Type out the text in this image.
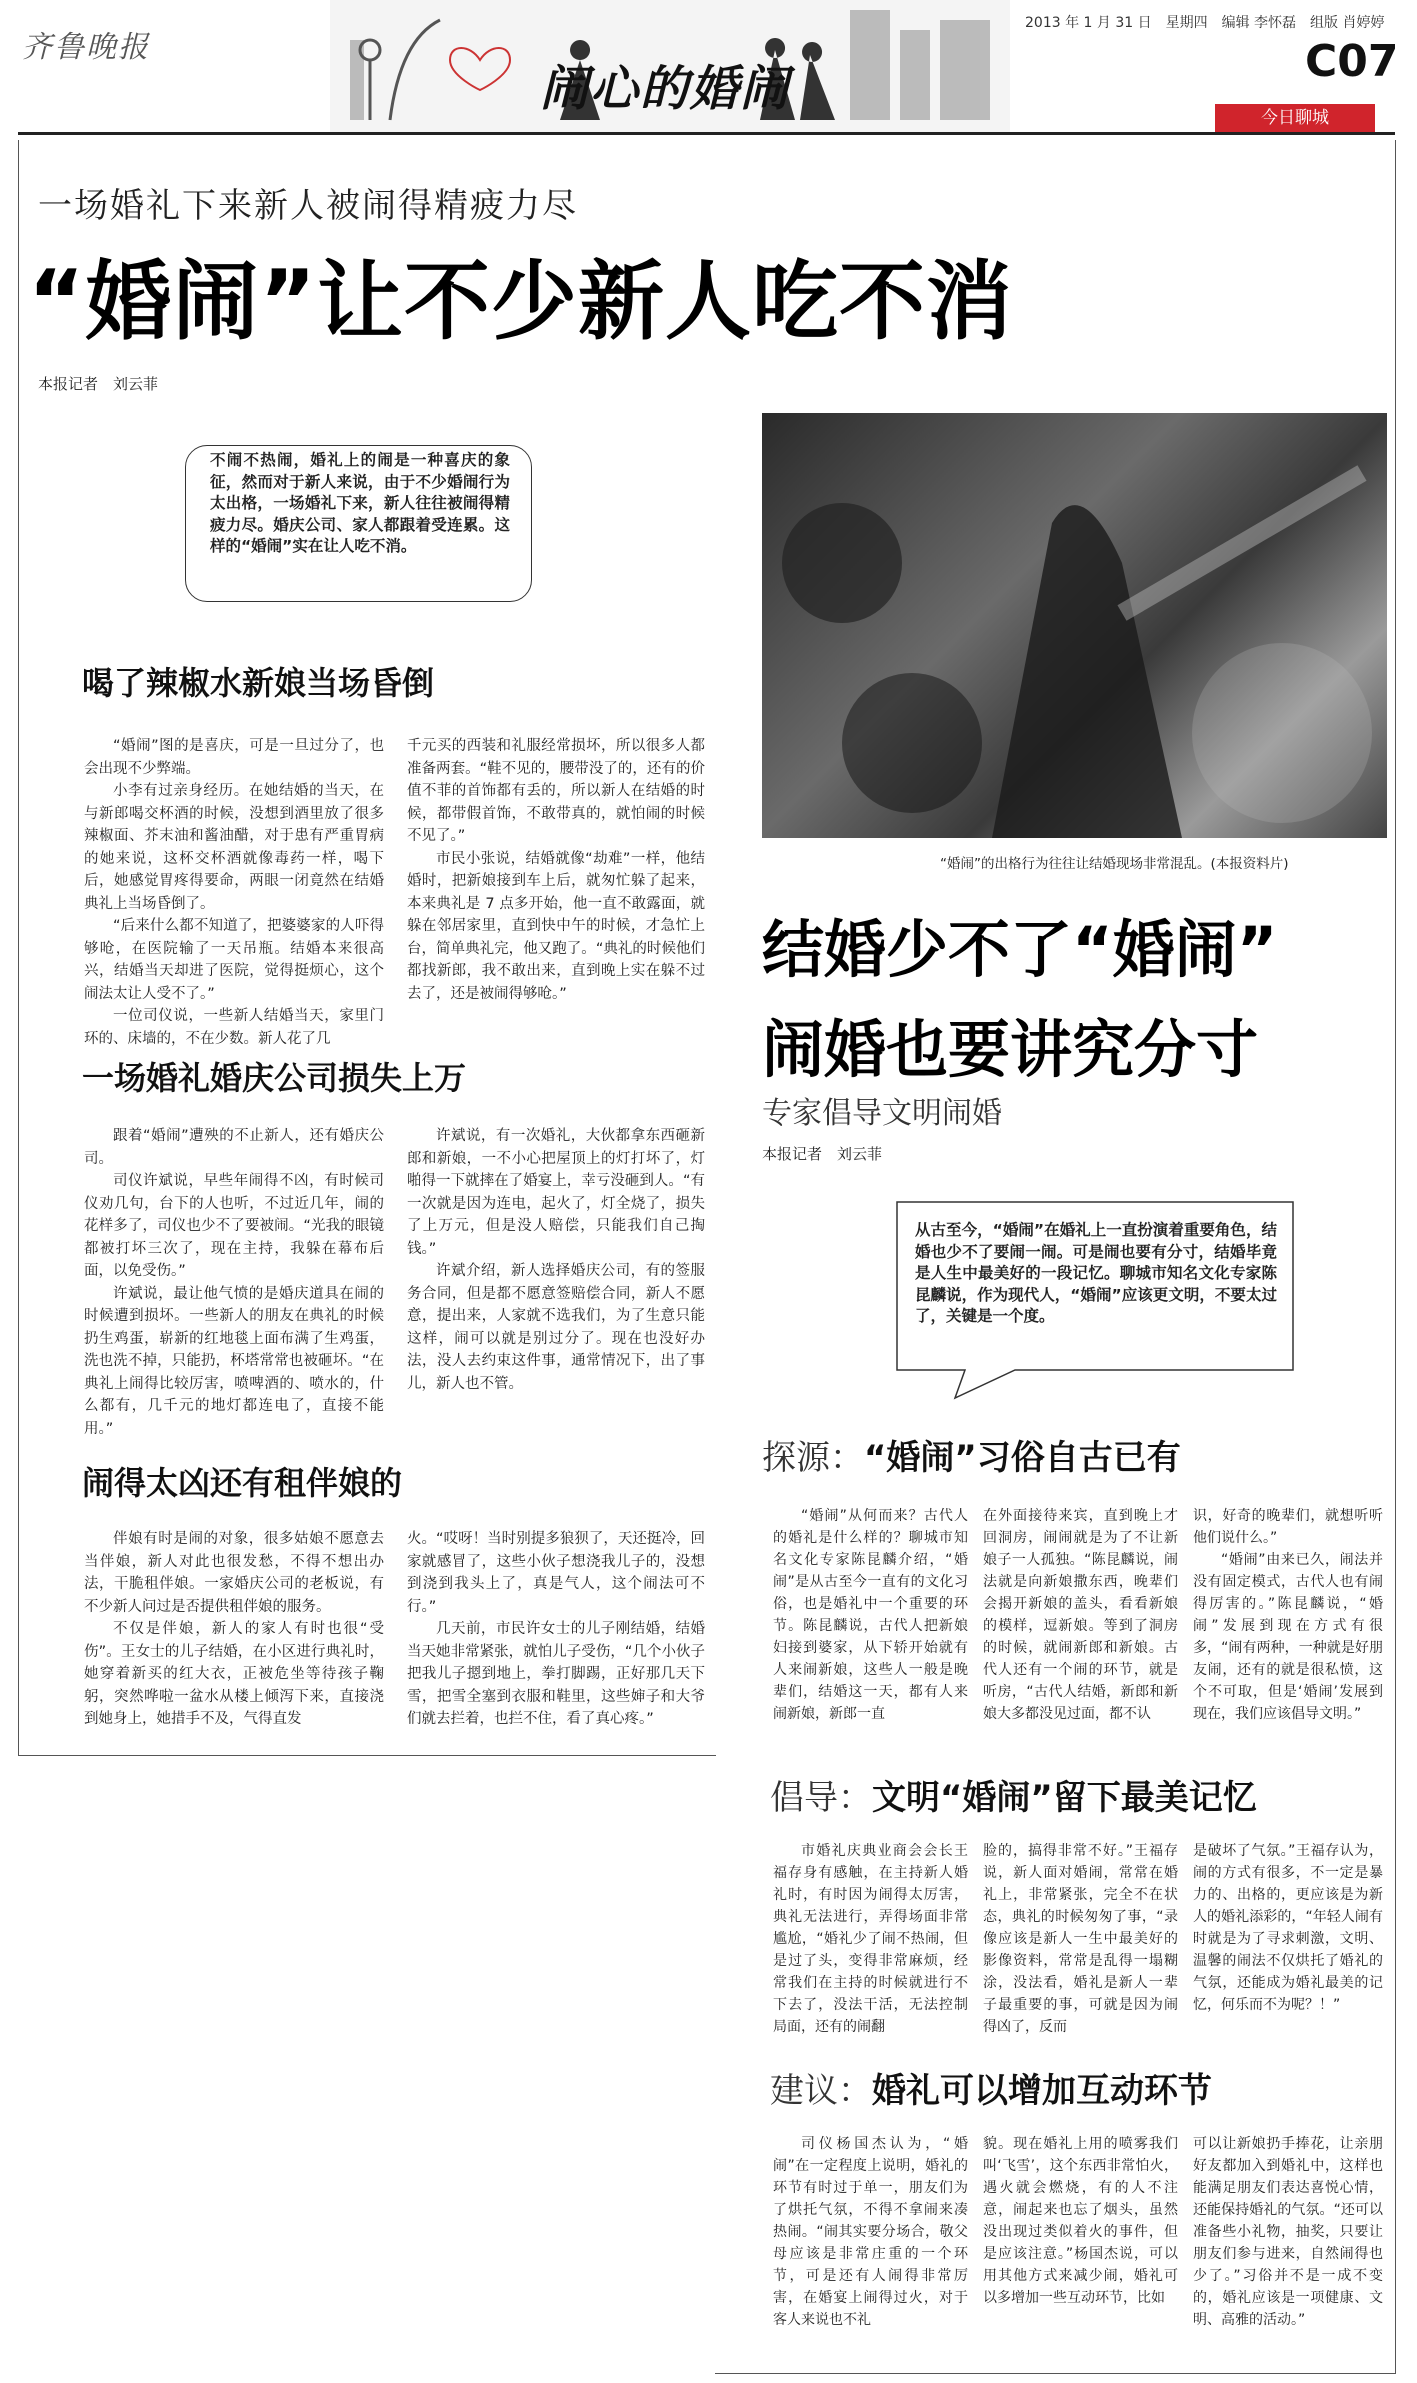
齐鲁晚报
闹心的婚闹
2013 年 1 月 31 日　星期四　编辑 李怀磊　组版 肖婷婷
C07
今日聊城
一场婚礼下来新人被闹得精疲力尽
“婚闹”让不少新人吃不消
本报记者　刘云菲
不闹不热闹，婚礼上的闹是一种喜庆的象征，然而对于新人来说，由于不少婚闹行为太出格，一场婚礼下来，新人往往被闹得精疲力尽。婚庆公司、家人都跟着受连累。这样的“婚闹”实在让人吃不消。
喝了辣椒水新娘当场昏倒

“婚闹”图的是喜庆，可是一旦过分了，也会出现不少弊端。

小李有过亲身经历。在她结婚的当天，在与新郎喝交杯酒的时候，没想到酒里放了很多辣椒面、芥末油和酱油醋，对于患有严重胃病的她来说，这杯交杯酒就像毒药一样，喝下后，她感觉胃疼得要命，两眼一闭竟然在结婚典礼上当场昏倒了。

“后来什么都不知道了，把婆婆家的人吓得够呛，在医院输了一天吊瓶。结婚本来很高兴，结婚当天却进了医院，觉得挺烦心，这个闹法太让人受不了。”

一位司仪说，一些新人结婚当天，家里门环的、床墙的，不在少数。新人花了几

千元买的西装和礼服经常损坏，所以很多人都准备两套。“鞋不见的，腰带没了的，还有的价值不菲的首饰都有丢的，所以新人在结婚的时候，都带假首饰，不敢带真的，就怕闹的时候不见了。”

市民小张说，结婚就像“劫难”一样，他结婚时，把新娘接到车上后，就匆忙躲了起来，本来典礼是 7 点多开始，他一直不敢露面，就躲在邻居家里，直到快中午的时候，才急忙上台，简单典礼完，他又跑了。“典礼的时候他们都找新郎，我不敢出来，直到晚上实在躲不过去了，还是被闹得够呛。”

一场婚礼婚庆公司损失上万

跟着“婚闹”遭殃的不止新人，还有婚庆公司。

司仪许斌说，早些年闹得不凶，有时候司仪劝几句，台下的人也听，不过近几年，闹的花样多了，司仪也少不了要被闹。“光我的眼镜都被打坏三次了，现在主持，我躲在幕布后面，以免受伤。”

许斌说，最让他气愤的是婚庆道具在闹的时候遭到损坏。一些新人的朋友在典礼的时候扔生鸡蛋，崭新的红地毯上面布满了生鸡蛋，洗也洗不掉，只能扔，杯塔常常也被砸坏。“在典礼上闹得比较厉害，喷啤酒的、喷水的，什么都有，几千元的地灯都连电了，直接不能用。”

许斌说，有一次婚礼，大伙都拿东西砸新郎和新娘，一不小心把屋顶上的灯打坏了，灯啪得一下就摔在了婚宴上，幸亏没砸到人。“有一次就是因为连电，起火了，灯全烧了，损失了上万元，但是没人赔偿，只能我们自己掏钱。”

许斌介绍，新人选择婚庆公司，有的签服务合同，但是都不愿意签赔偿合同，新人不愿意，提出来，人家就不选我们，为了生意只能这样，闹可以就是别过分了。现在也没好办法，没人去约束这件事，通常情况下，出了事儿，新人也不管。

闹得太凶还有租伴娘的

伴娘有时是闹的对象，很多姑娘不愿意去当伴娘，新人对此也很发愁，不得不想出办法，干脆租伴娘。一家婚庆公司的老板说，有不少新人问过是否提供租伴娘的服务。

不仅是伴娘，新人的家人有时也很“受伤”。王女士的儿子结婚，在小区进行典礼时，她穿着新买的红大衣，正被危坐等待孩子鞠躬，突然哗啦一盆水从楼上倾泻下来，直接浇到她身上，她措手不及，气得直发

火。“哎呀！当时别提多狼狈了，天还挺冷，回家就感冒了，这些小伙子想浇我儿子的，没想到浇到我头上了，真是气人，这个闹法可不行。”

几天前，市民许女士的儿子刚结婚，结婚当天她非常紧张，就怕儿子受伤，“几个小伙子把我儿子摁到地上，拳打脚踢，正好那几天下雪，把雪全塞到衣服和鞋里，这些婶子和大爷们就去拦着，也拦不住，看了真心疼。”

“婚闹”的出格行为往往让结婚现场非常混乱。(本报资料片)
结婚少不了“婚闹”
闹婚也要讲究分寸
专家倡导文明闹婚
本报记者　刘云菲
从古至今，“婚闹”在婚礼上一直扮演着重要角色，结婚也少不了要闹一闹。可是闹也要有分寸，结婚毕竟是人生中最美好的一段记忆。聊城市知名文化专家陈昆麟说，作为现代人，“婚闹”应该更文明，不要太过了，关键是一个度。
探源：“婚闹”习俗自古已有

“婚闹”从何而来？古代人的婚礼是什么样的？聊城市知名文化专家陈昆麟介绍，“婚闹”是从古至今一直有的文化习俗，也是婚礼中一个重要的环节。陈昆麟说，古代人把新娘妇接到婆家，从下轿开始就有人来闹新娘，这些人一般是晚辈们，结婚这一天，都有人来闹新娘，新郎一直

在外面接待来宾，直到晚上才回洞房，闹闹就是为了不让新娘子一人孤独。“陈昆麟说，闹法就是向新娘撒东西，晚辈们会揭开新娘的盖头，看看新娘的模样，逗新娘。等到了洞房的时候，就闹新郎和新娘。古代人还有一个闹的环节，就是听房，“古代人结婚，新郎和新娘大多都没见过面，都不认

识，好奇的晚辈们，就想听听他们说什么。”

“婚闹”由来已久，闹法并没有固定模式，古代人也有闹得厉害的。”陈昆麟说，“婚闹”发展到现在方式有很多，“闹有两种，一种就是好朋友闹，还有的就是很私愤，这个不可取，但是‘婚闹’发展到现在，我们应该倡导文明。”

倡导：文明“婚闹”留下最美记忆

市婚礼庆典业商会会长王福存身有感触，在主持新人婚礼时，有时因为闹得太厉害，典礼无法进行，弄得场面非常尴尬，“婚礼少了闹不热闹，但是过了头，变得非常麻烦，经常我们在主持的时候就进行不下去了，没法干活，无法控制局面，还有的闹翻

脸的，搞得非常不好。”王福存说，新人面对婚闹，常常在婚礼上，非常紧张，完全不在状态，典礼的时候匆匆了事，“录像应该是新人一生中最美好的影像资料，常常是乱得一塌糊涂，没法看，婚礼是新人一辈子最重要的事，可就是因为闹得凶了，反而

是破坏了气氛。”王福存认为，闹的方式有很多，不一定是暴力的、出格的，更应该是为新人的婚礼添彩的，“年轻人闹有时就是为了寻求刺激，文明、温馨的闹法不仅烘托了婚礼的气氛，还能成为婚礼最美的记忆，何乐而不为呢？！”

建议：婚礼可以增加互动环节

司仪杨国杰认为，“婚闹”在一定程度上说明，婚礼的环节有时过于单一，朋友们为了烘托气氛，不得不拿闹来凑热闹。“闹其实要分场合，敬父母应该是非常庄重的一个环节，可是还有人闹得非常厉害，在婚宴上闹得过火，对于客人来说也不礼

貌。现在婚礼上用的喷雾我们叫‘飞雪’，这个东西非常怕火，遇火就会燃烧，有的人不注意，闹起来也忘了烟头，虽然没出现过类似着火的事件，但是应该注意。”杨国杰说，可以用其他方式来减少闹，婚礼可以多增加一些互动环节，比如

可以让新娘扔手捧花，让亲朋好友都加入到婚礼中，这样也能满足朋友们表达喜悦心情，还能保持婚礼的气氛。“还可以准备些小礼物，抽奖，只要让朋友们参与进来，自然闹得也少了。”习俗并不是一成不变的，婚礼应该是一项健康、文明、高雅的活动。”
